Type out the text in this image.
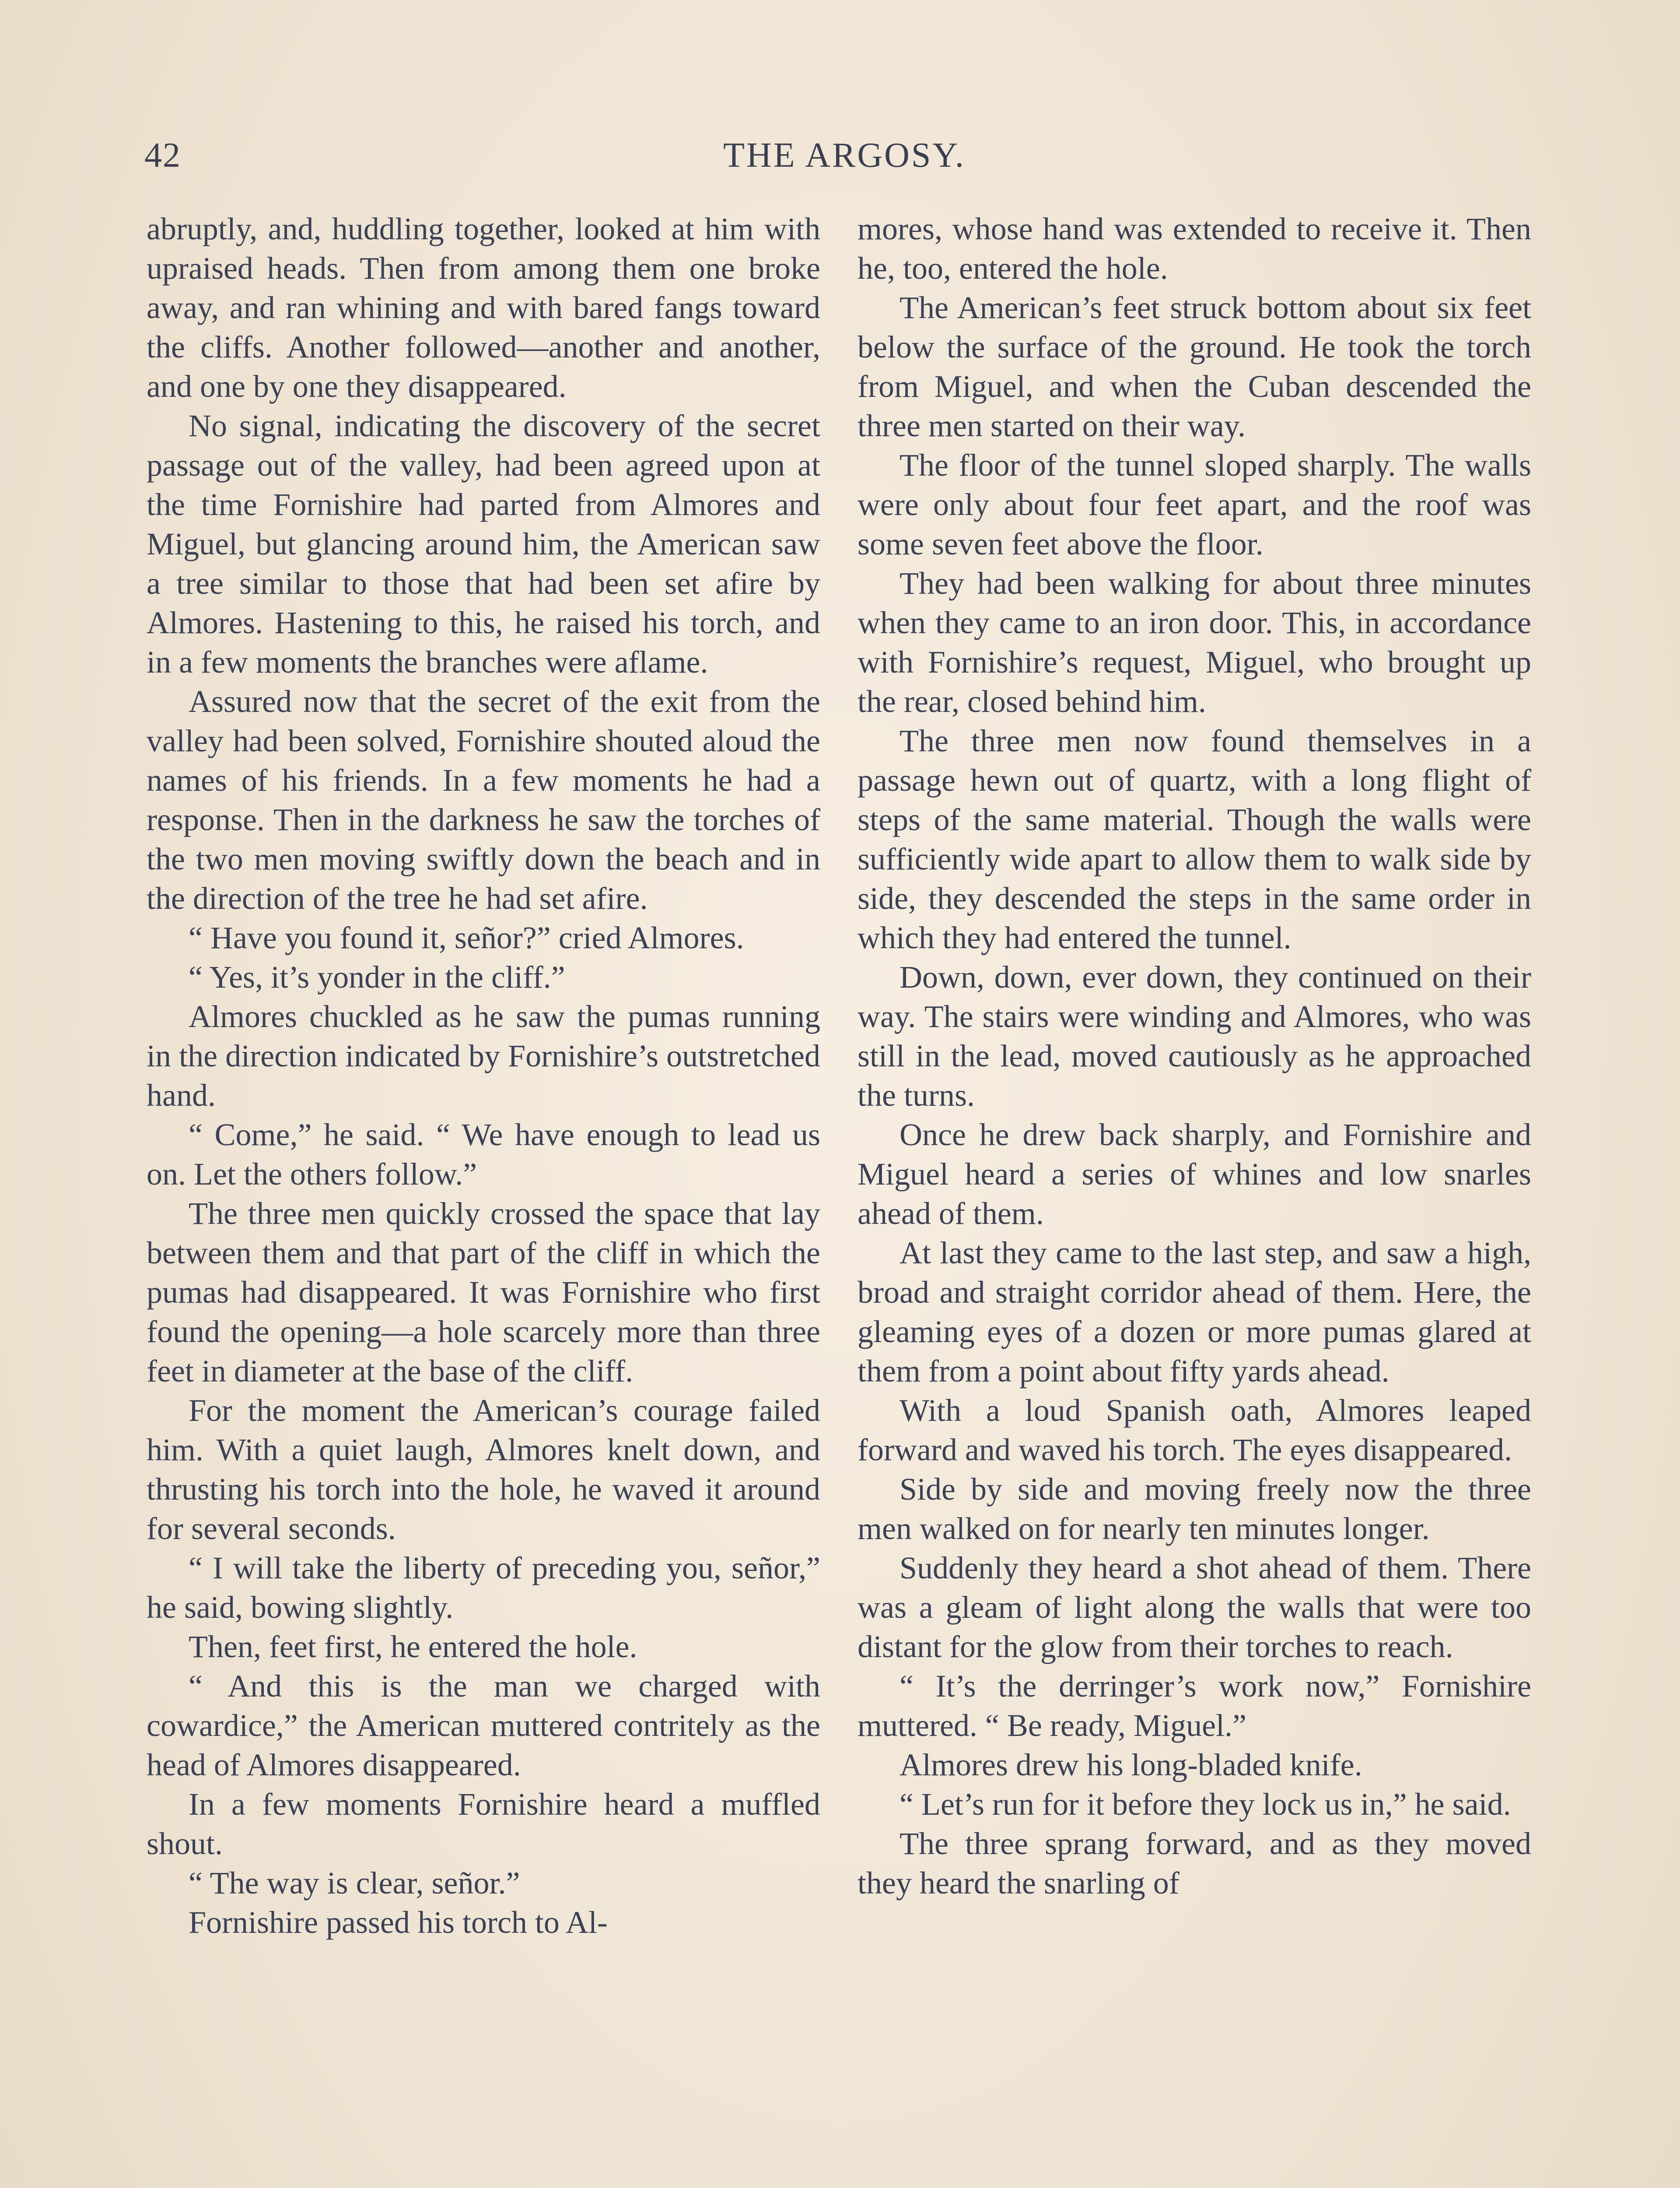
42	THE ARGOSY.

abruptly, and, huddling together, looked at him with upraised heads. Then from among them one broke away, and ran whining and with bared fangs toward the cliffs. Another followed—another and another, and one by one they disappeared.

No signal, indicating the discovery of the secret passage out of the valley, had been agreed upon at the time Fornishire had parted from Almores and Miguel, but glancing around him, the American saw a tree similar to those that had been set afire by Almores. Hastening to this, he raised his torch, and in a few moments the branches were aflame.

Assured now that the secret of the exit from the valley had been solved, Fornishire shouted aloud the names of his friends. In a few moments he had a response. Then in the darkness he saw the torches of the two men moving swiftly down the beach and in the direction of the tree he had set afire.

“ Have you found it, señor?” cried Almores.

“ Yes, it’s yonder in the cliff.”

Almores chuckled as he saw the pumas running in the direction indicated by Fornishire’s outstretched hand.

“ Come,” he said. “ We have enough to lead us on. Let the others follow.”

The three men quickly crossed the space that lay between them and that part of the cliff in which the pumas had disappeared. It was Fornishire who first found the opening—a hole scarcely more than three feet in diameter at the base of the cliff.

For the moment the American’s courage failed him. With a quiet laugh, Almores knelt down, and thrusting his torch into the hole, he waved it around for several seconds.

“ I will take the liberty of preceding you, señor,” he said, bowing slightly.

Then, feet first, he entered the hole.

“ And this is the man we charged with cowardice,” the American muttered contritely as the head of Almores disappeared.

In a few moments Fornishire heard a muffled shout.

“ The way is clear, señor.”

Fornishire passed his torch to Al-

mores, whose hand was extended to receive it. Then he, too, entered the hole.

The American’s feet struck bottom about six feet below the surface of the ground. He took the torch from Miguel, and when the Cuban descended the three men started on their way.

The floor of the tunnel sloped sharply. The walls were only about four feet apart, and the roof was some seven feet above the floor.

They had been walking for about three minutes when they came to an iron door. This, in accordance with Fornishire’s request, Miguel, who brought up the rear, closed behind him.

The three men now found themselves in a passage hewn out of quartz, with a long flight of steps of the same material. Though the walls were sufficiently wide apart to allow them to walk side by side, they descended the steps in the same order in which they had entered the tunnel.

Down, down, ever down, they continued on their way. The stairs were winding and Almores, who was still in the lead, moved cautiously as he approached the turns.

Once he drew back sharply, and Fornishire and Miguel heard a series of whines and low snarles ahead of them.

At last they came to the last step, and saw a high, broad and straight corridor ahead of them. Here, the gleaming eyes of a dozen or more pumas glared at them from a point about fifty yards ahead.

With a loud Spanish oath, Almores leaped forward and waved his torch. The eyes disappeared.

Side by side and moving freely now the three men walked on for nearly ten minutes longer.

Suddenly they heard a shot ahead of them. There was a gleam of light along the walls that were too distant for the glow from their torches to reach.

“ It’s the derringer’s work now,” Fornishire muttered. “ Be ready, Miguel.”

Almores drew his long-bladed knife.

“ Let’s run for it before they lock us in,” he said.

The three sprang forward, and as they moved they heard the snarling of
